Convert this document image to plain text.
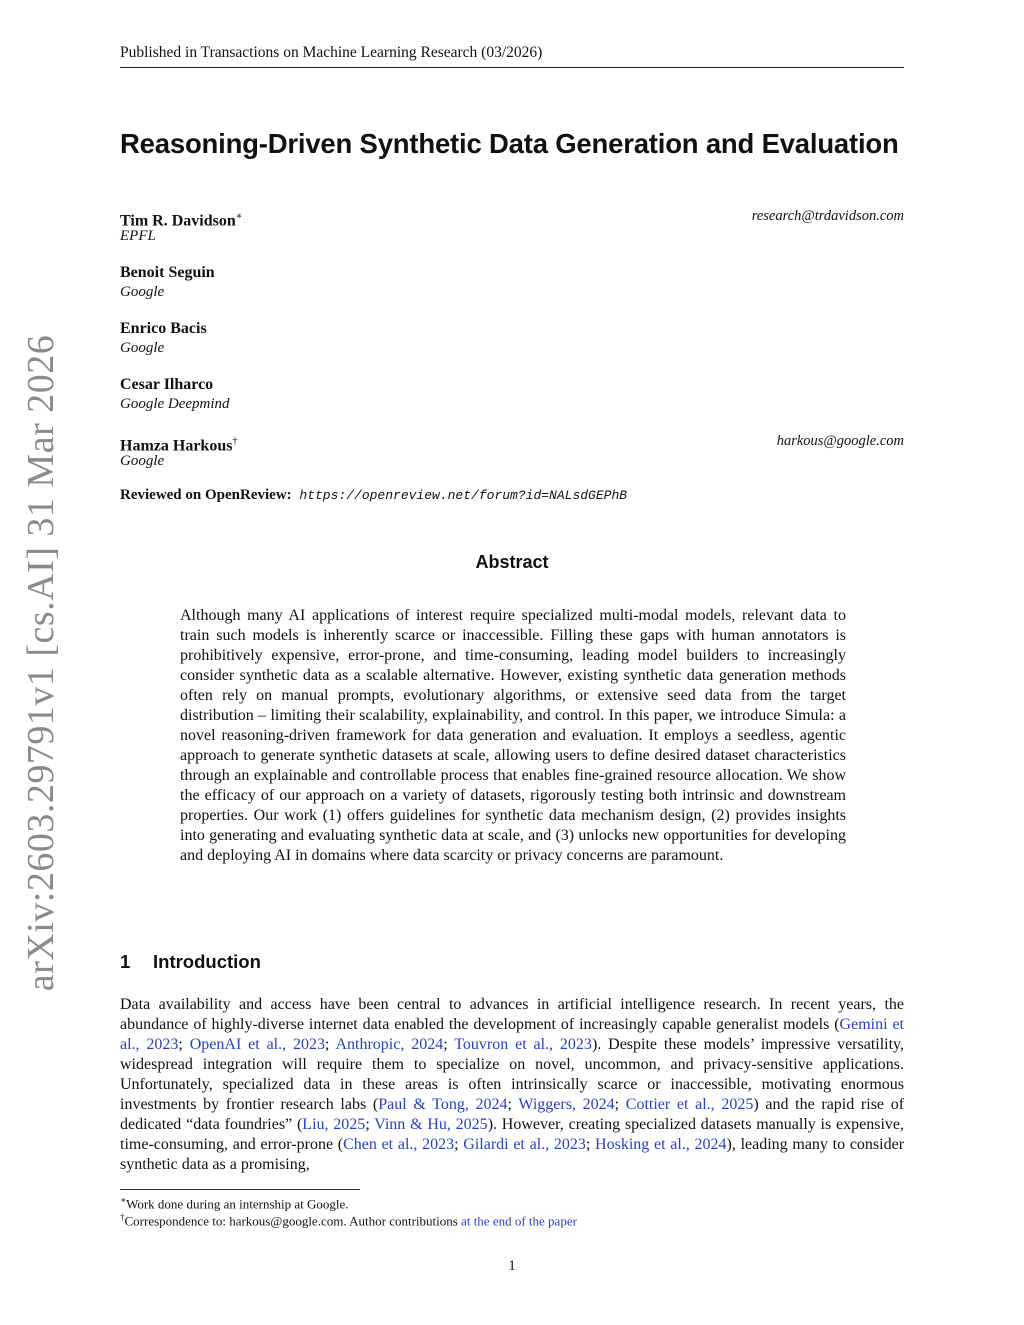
Published in Transactions on Machine Learning Research (03/2026)
arXiv:2603.29791v1 [cs.AI] 31 Mar 2026
Reasoning-Driven Synthetic Data Generation and Evaluation
Tim R. Davidson∗
EPFL
research@trdavidson.com
Benoit Seguin
Google
Enrico Bacis
Google
Cesar Ilharco
Google Deepmind
Hamza Harkous†
Google
harkous@google.com
Reviewed on OpenReview: https://openreview.net/forum?id=NALsdGEPhB
Abstract
Although many AI applications of interest require specialized multi-modal models, relevant data to train such models is inherently scarce or inaccessible. Filling these gaps with human annotators is prohibitively expensive, error-prone, and time-consuming, leading model builders to increasingly consider synthetic data as a scalable alternative. However, existing synthetic data generation methods often rely on manual prompts, evolutionary algorithms, or extensive seed data from the target distribution – limiting their scalability, explainability, and control. In this paper, we introduce Simula: a novel reasoning-driven framework for data generation and evaluation. It employs a seedless, agentic approach to generate synthetic datasets at scale, allowing users to define desired dataset characteristics through an explainable and controllable process that enables fine-grained resource allocation. We show the efficacy of our approach on a variety of datasets, rigorously testing both intrinsic and downstream properties. Our work (1) offers guidelines for synthetic data mechanism design, (2) provides insights into generating and evaluating synthetic data at scale, and (3) unlocks new opportunities for developing and deploying AI in domains where data scarcity or privacy concerns are paramount.
1 Introduction
Data availability and access have been central to advances in artificial intelligence research. In recent years, the abundance of highly-diverse internet data enabled the development of increasingly capable generalist models (Gemini et al., 2023; OpenAI et al., 2023; Anthropic, 2024; Touvron et al., 2023). Despite these models’ impressive versatility, widespread integration will require them to specialize on novel, uncommon, and privacy-sensitive applications. Unfortunately, specialized data in these areas is often intrinsically scarce or inaccessible, motivating enormous investments by frontier research labs (Paul & Tong, 2024; Wiggers, 2024; Cottier et al., 2025) and the rapid rise of dedicated “data foundries” (Liu, 2025; Vinn & Hu, 2025). However, creating specialized datasets manually is expensive, time-consuming, and error-prone (Chen et al., 2023; Gilardi et al., 2023; Hosking et al., 2024), leading many to consider synthetic data as a promising,
∗Work done during an internship at Google.
†Correspondence to: harkous@google.com. Author contributions at the end of the paper
1
